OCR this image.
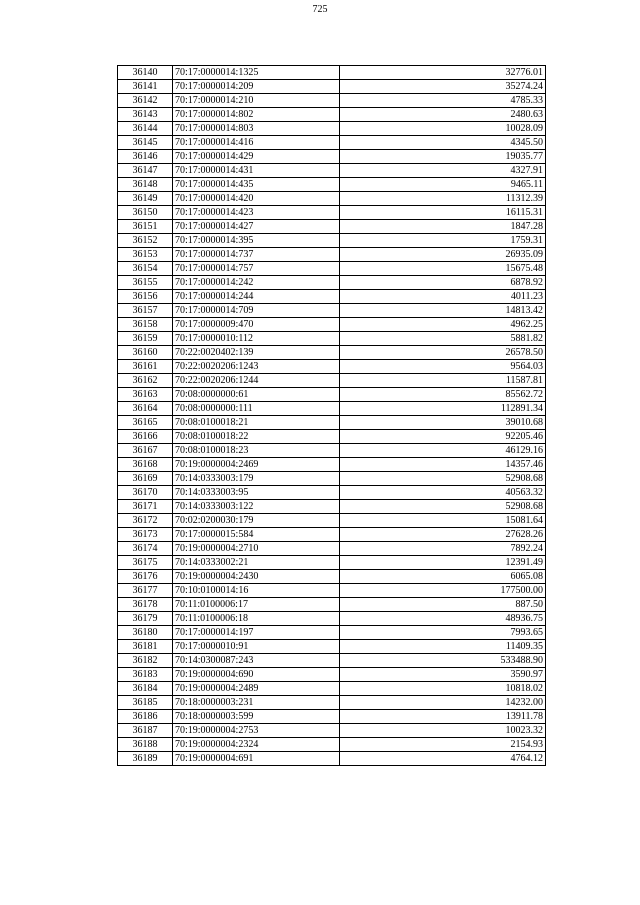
725
36140	70:17:0000014:1325	32776.01
36141	70:17:0000014:209	35274.24
36142	70:17:0000014:210	4785.33
36143	70:17:0000014:802	2480.63
36144	70:17:0000014:803	10028.09
36145	70:17:0000014:416	4345.50
36146	70:17:0000014:429	19035.77
36147	70:17:0000014:431	4327.91
36148	70:17:0000014:435	9465.11
36149	70:17:0000014:420	11312.39
36150	70:17:0000014:423	16115.31
36151	70:17:0000014:427	1847.28
36152	70:17:0000014:395	1759.31
36153	70:17:0000014:737	26935.09
36154	70:17:0000014:757	15675.48
36155	70:17:0000014:242	6878.92
36156	70:17:0000014:244	4011.23
36157	70:17:0000014:709	14813.42
36158	70:17:0000009:470	4962.25
36159	70:17:0000010:112	5881.82
36160	70:22:0020402:139	26578.50
36161	70:22:0020206:1243	9564.03
36162	70:22:0020206:1244	11587.81
36163	70:08:0000000:61	85562.72
36164	70:08:0000000:111	112891.34
36165	70:08:0100018:21	39010.68
36166	70:08:0100018:22	92205.46
36167	70:08:0100018:23	46129.16
36168	70:19:0000004:2469	14357.46
36169	70:14:0333003:179	52908.68
36170	70:14:0333003:95	40563.32
36171	70:14:0333003:122	52908.68
36172	70:02:0200030:179	15081.64
36173	70:17:0000015:584	27628.26
36174	70:19:0000004:2710	7892.24
36175	70:14:0333002:21	12391.49
36176	70:19:0000004:2430	6065.08
36177	70:10:0100014:16	177500.00
36178	70:11:0100006:17	887.50
36179	70:11:0100006:18	48936.75
36180	70:17:0000014:197	7993.65
36181	70:17:0000010:91	11409.35
36182	70:14:0300087:243	533488.90
36183	70:19:0000004:690	3590.97
36184	70:19:0000004:2489	10818.02
36185	70:18:0000003:231	14232.00
36186	70:18:0000003:599	13911.78
36187	70:19:0000004:2753	10023.32
36188	70:19:0000004:2324	2154.93
36189	70:19:0000004:691	4764.12
